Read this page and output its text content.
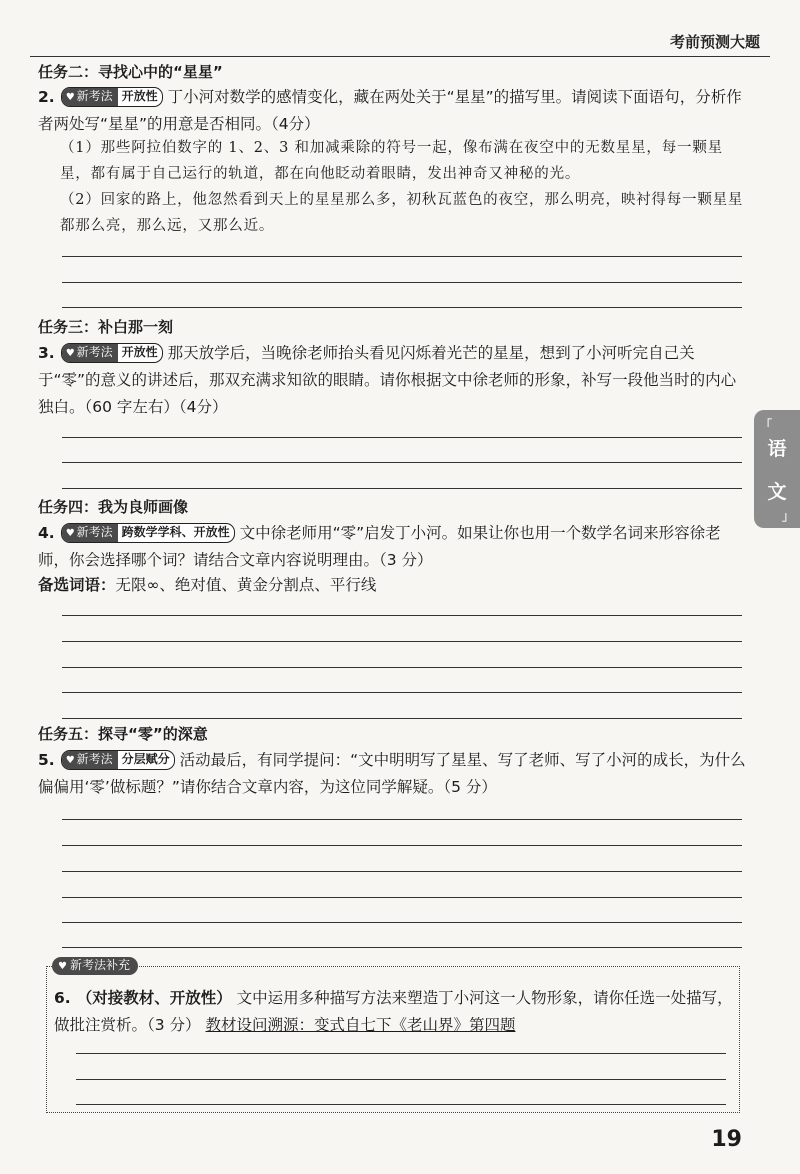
考前预测大题
「
语
文
」
任务二：寻找心中的“星星”
2. ♥ 新考法 开放性 丁小河对数学的感情变化，藏在两处关于“星星”的描写里。请阅读下面语句，分析作者两处写“星星”的用意是否相同。（4分）
（1）那些阿拉伯数字的 1、2、3 和加减乘除的符号一起，像布满在夜空中的无数星星，每一颗星星，都有属于自己运行的轨道，都在向他眨动着眼睛，发出神奇又神秘的光。
（2）回家的路上，他忽然看到天上的星星那么多，初秋瓦蓝色的夜空，那么明亮，映衬得每一颗星星都那么亮，那么远，又那么近。
任务三：补白那一刻
3. ♥ 新考法 开放性 那天放学后，当晚徐老师抬头看见闪烁着光芒的星星，想到了小河听完自己关于“零”的意义的讲述后，那双充满求知欲的眼睛。请你根据文中徐老师的形象，补写一段他当时的内心独白。（60 字左右）（4分）
任务四：我为良师画像
4. ♥ 新考法 跨数学学科、开放性 文中徐老师用“零”启发丁小河。如果让你也用一个数学名词来形容徐老师，你会选择哪个词？请结合文章内容说明理由。（3 分）
备选词语：无限∞、绝对值、黄金分割点、平行线
任务五：探寻“零”的深意
5. ♥ 新考法 分层赋分 活动最后，有同学提问：“文中明明写了星星、写了老师、写了小河的成长，为什么偏偏用‘零’做标题？”请你结合文章内容，为这位同学解疑。（5 分）
♥ 新考法补充
6. （对接教材、开放性） 文中运用多种描写方法来塑造丁小河这一人物形象，请你任选一处描写，做批注赏析。（3 分） 教材设问溯源：变式自七下《老山界》第四题
19
